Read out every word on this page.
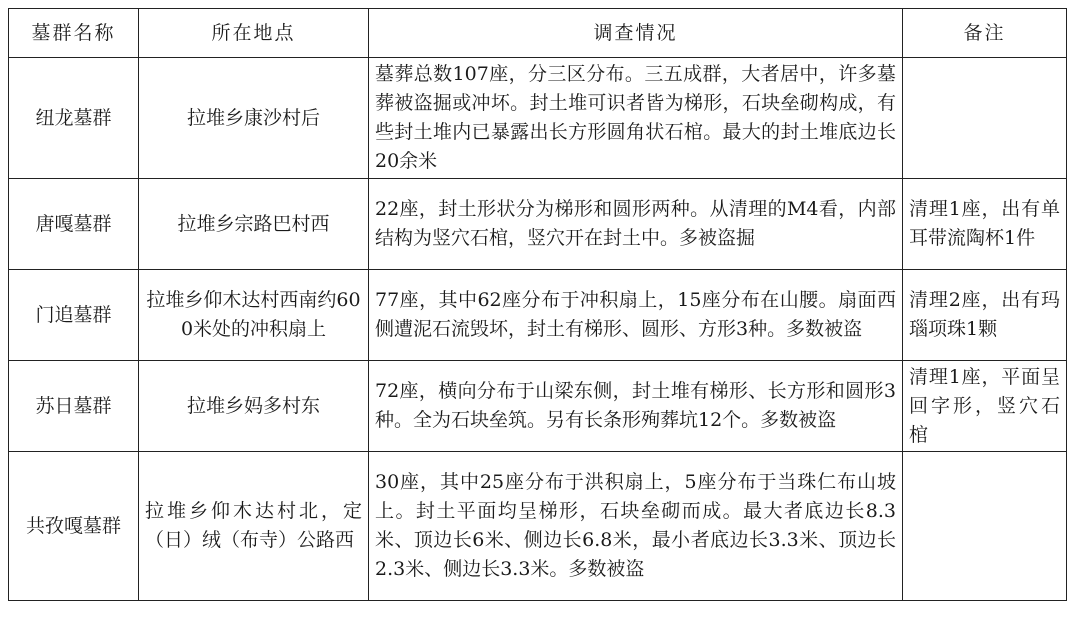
墓群名称	所在地点	调查情况	备注
纽龙墓群	拉堆乡康沙村后	墓葬总数107座，分三区分布。三五成群，大者居中，许多墓葬被盗掘或冲坏。封土堆可识者皆为梯形，石块垒砌构成，有些封土堆内已暴露出长方形圆角状石棺。最大的封土堆底边长20余米	
唐嘎墓群	拉堆乡宗路巴村西	22座，封土形状分为梯形和圆形两种。从清理的M4看，内部结构为竖穴石棺，竖穴开在封土中。多被盗掘	清理1座，出有单耳带流陶杯1件
门追墓群	拉堆乡仰木达村西南约600米处的冲积扇上	77座，其中62座分布于冲积扇上，15座分布在山腰。扇面西侧遭泥石流毁坏，封土有梯形、圆形、方形3种。多数被盗	清理2座，出有玛瑙项珠1颗
苏日墓群	拉堆乡妈多村东	72座，横向分布于山梁东侧，封土堆有梯形、长方形和圆形3种。全为石块垒筑。另有长条形殉葬坑12个。多数被盗	清理1座，平面呈回字形，竖穴石棺
共孜嘎墓群	拉堆乡仰木达村北，定（日）绒（布寺）公路西	30座，其中25座分布于洪积扇上，5座分布于当珠仁布山坡上。封土平面均呈梯形，石块垒砌而成。最大者底边长8.3米、顶边长6米、侧边长6.8米，最小者底边长3.3米、顶边长2.3米、侧边长3.3米。多数被盗	
